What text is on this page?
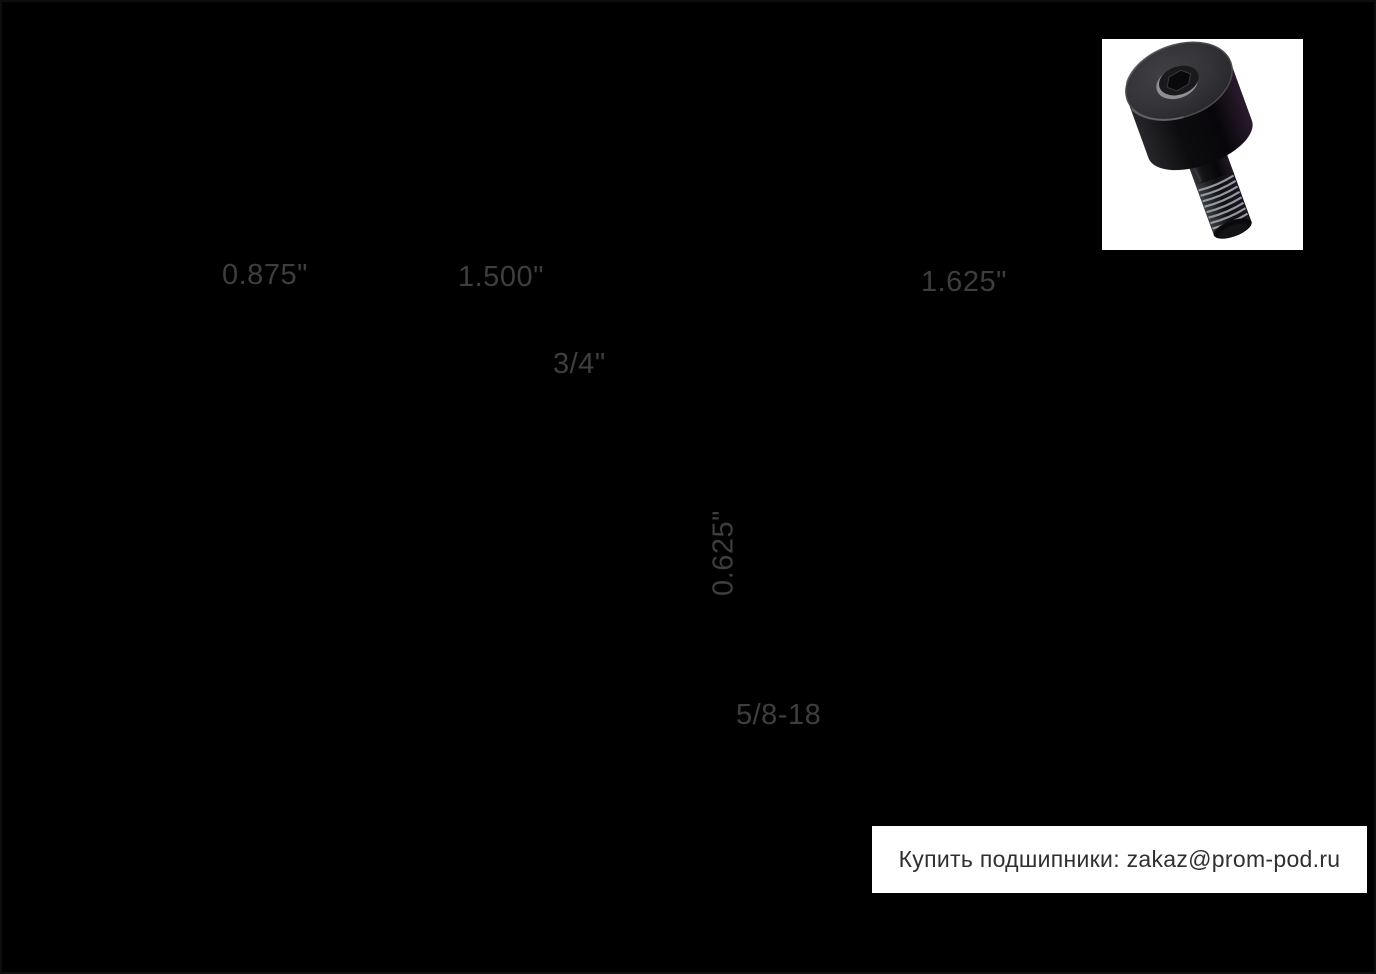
0.875"	1.500"	1.625"
3/4"
0.625"
5/8-18
Купить подшипники: zakaz@prom-pod.ru
